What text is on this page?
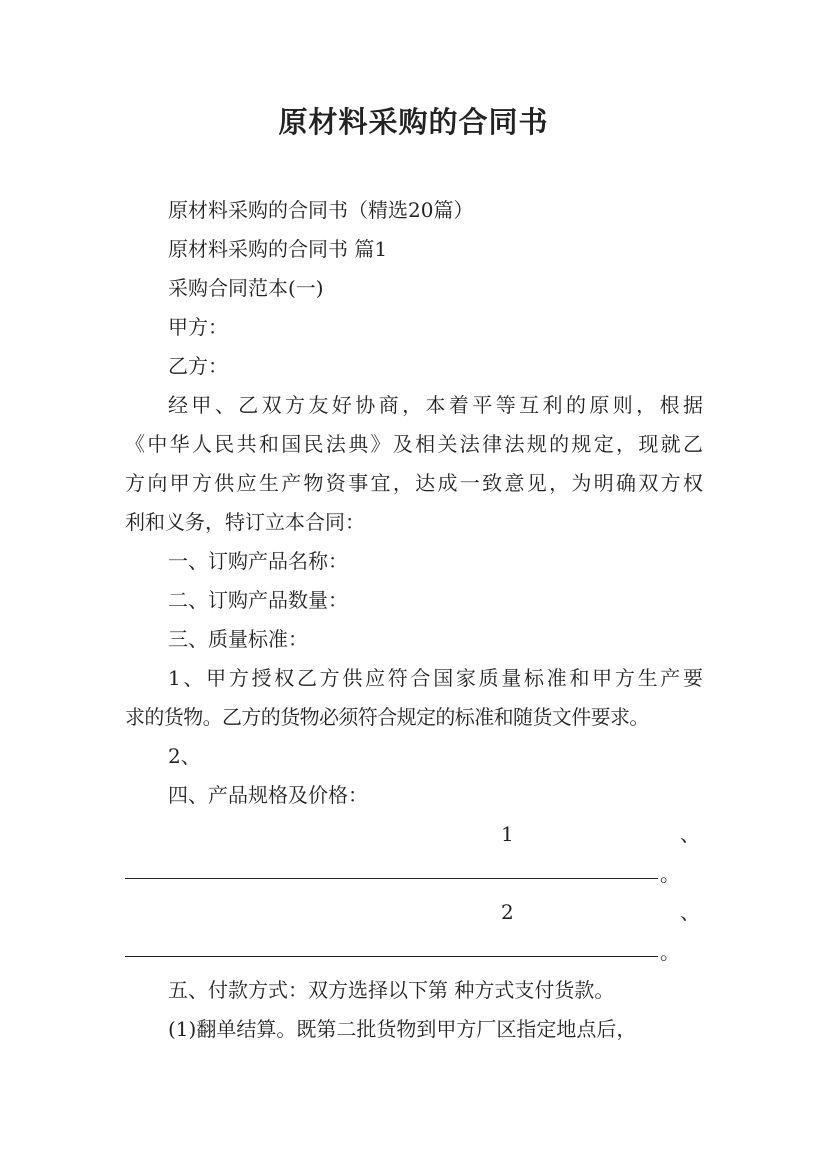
原材料采购的合同书
原材料采购的合同书（精选20篇）
原材料采购的合同书 篇1
采购合同范本(一)
甲方：
乙方：
经甲、乙双方友好协商，本着平等互利的原则，根据
《中华人民共和国民法典》及相关法律法规的规定，现就乙
方向甲方供应生产物资事宜，达成一致意见，为明确双方权
利和义务，特订立本合同：
一、订购产品名称：
二、订购产品数量：
三、质量标准：
1、甲方授权乙方供应符合国家质量标准和甲方生产要
求的货物。乙方的货物必须符合规定的标准和随货文件要求。
2、
四、产品规格及价格：
1	、
。
2	、
。
五、付款方式：双方选择以下第 种方式支付货款。
(1)翻单结算。既第二批货物到甲方厂区指定地点后，
